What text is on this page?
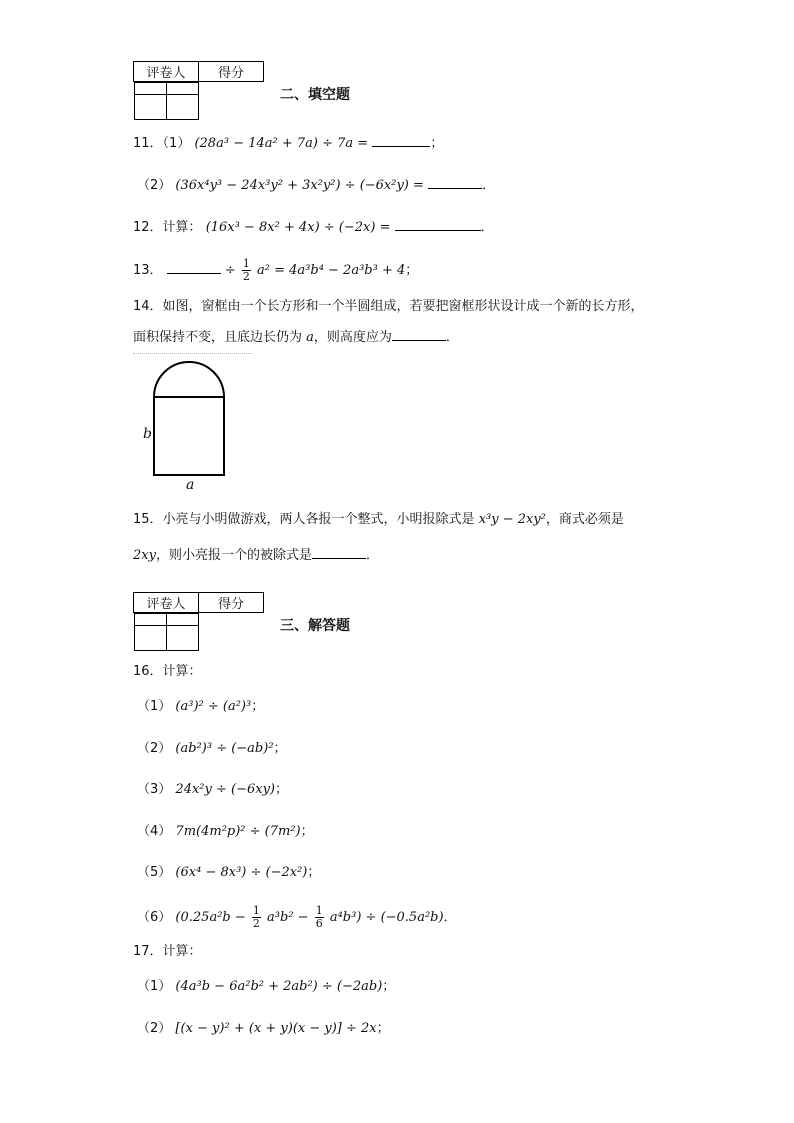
评卷人	得分

二、填空题
11．（1） (28a³ − 14a² + 7a) ÷ 7a =	；
（2） (36x⁴y³ − 24x³y² + 3x²y²) ÷ (−6x²y) =	．
12．计算： (16x³ − 8x² + 4x) ÷ (−2x) =	．
13．	÷ $\frac{1}{2} a^2 = 4a^3b^4 - 2a^3b^3 + 4$；
14．如图，窗框由一个长方形和一个半圆组成，若要把窗框形状设计成一个新的长方形，
面积保持不变，且底边长仍为 a，则高度应为	．
b
a
15．小亮与小明做游戏，两人各报一个整式，小明报除式是 x³y − 2xy²，商式必须是
2xy，则小亮报一个的被除式是	．
评卷人	得分

三、解答题
16．计算：
（1） (a³)² ÷ (a²)³；
（2） (ab²)³ ÷ (−ab)²；
（3） 24x²y ÷ (−6xy)；
（4） 7m(4m²p)² ÷ (7m²)；
（5） (6x⁴ − 8x³) ÷ (−2x²)；
（6） $(0.25a^2b - \frac{1}{2} a^3b^2 - \frac{1}{6} a^4b^3) \div (-0.5a^2b)$．
17．计算：
（1） (4a³b − 6a²b² + 2ab²) ÷ (−2ab)；
（2） [(x − y)² + (x + y)(x − y)] ÷ 2x；
